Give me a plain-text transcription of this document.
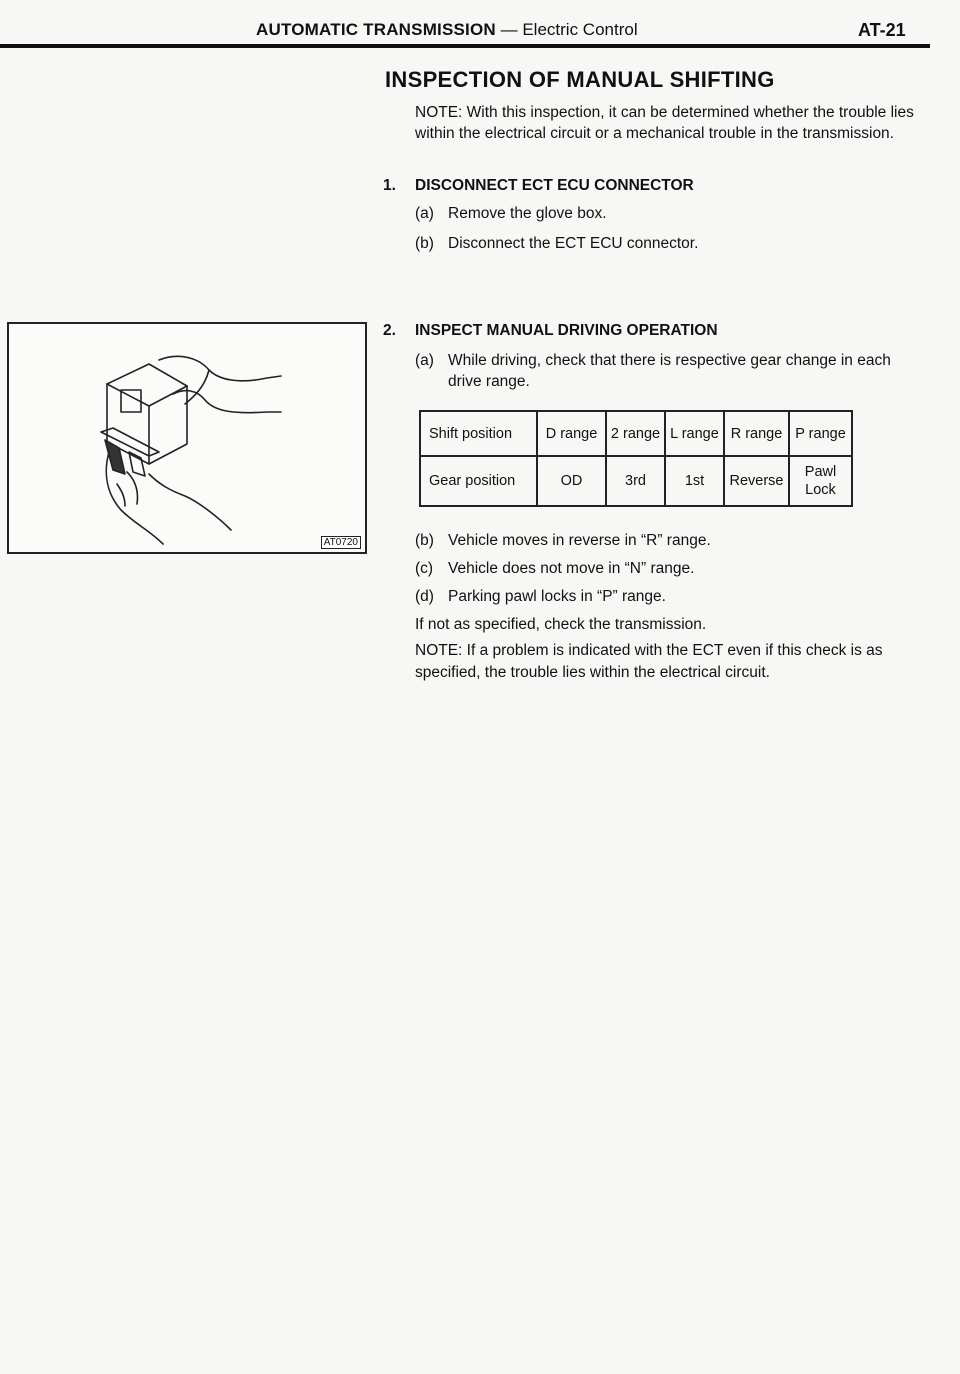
AUTOMATIC TRANSMISSION — Electric Control	AT-21
INSPECTION OF MANUAL SHIFTING
NOTE: With this inspection, it can be determined whether the trouble lies within the electrical circuit or a mechanical trouble in the transmission.
1. DISCONNECT ECT ECU CONNECTOR
(a) Remove the glove box.
(b) Disconnect the ECT ECU connector.
AT0720
2. INSPECT MANUAL DRIVING OPERATION
(a) While driving, check that there is respective gear change in each drive range.
Shift position	D range	2 range	L range	R range	P range
Gear position	OD	3rd	1st	Reverse	Pawl Lock
(b) Vehicle moves in reverse in “R” range.
(c) Vehicle does not move in “N” range.
(d) Parking pawl locks in “P” range.
If not as specified, check the transmission.
NOTE: If a problem is indicated with the ECT even if this check is as specified, the trouble lies within the electrical circuit.
